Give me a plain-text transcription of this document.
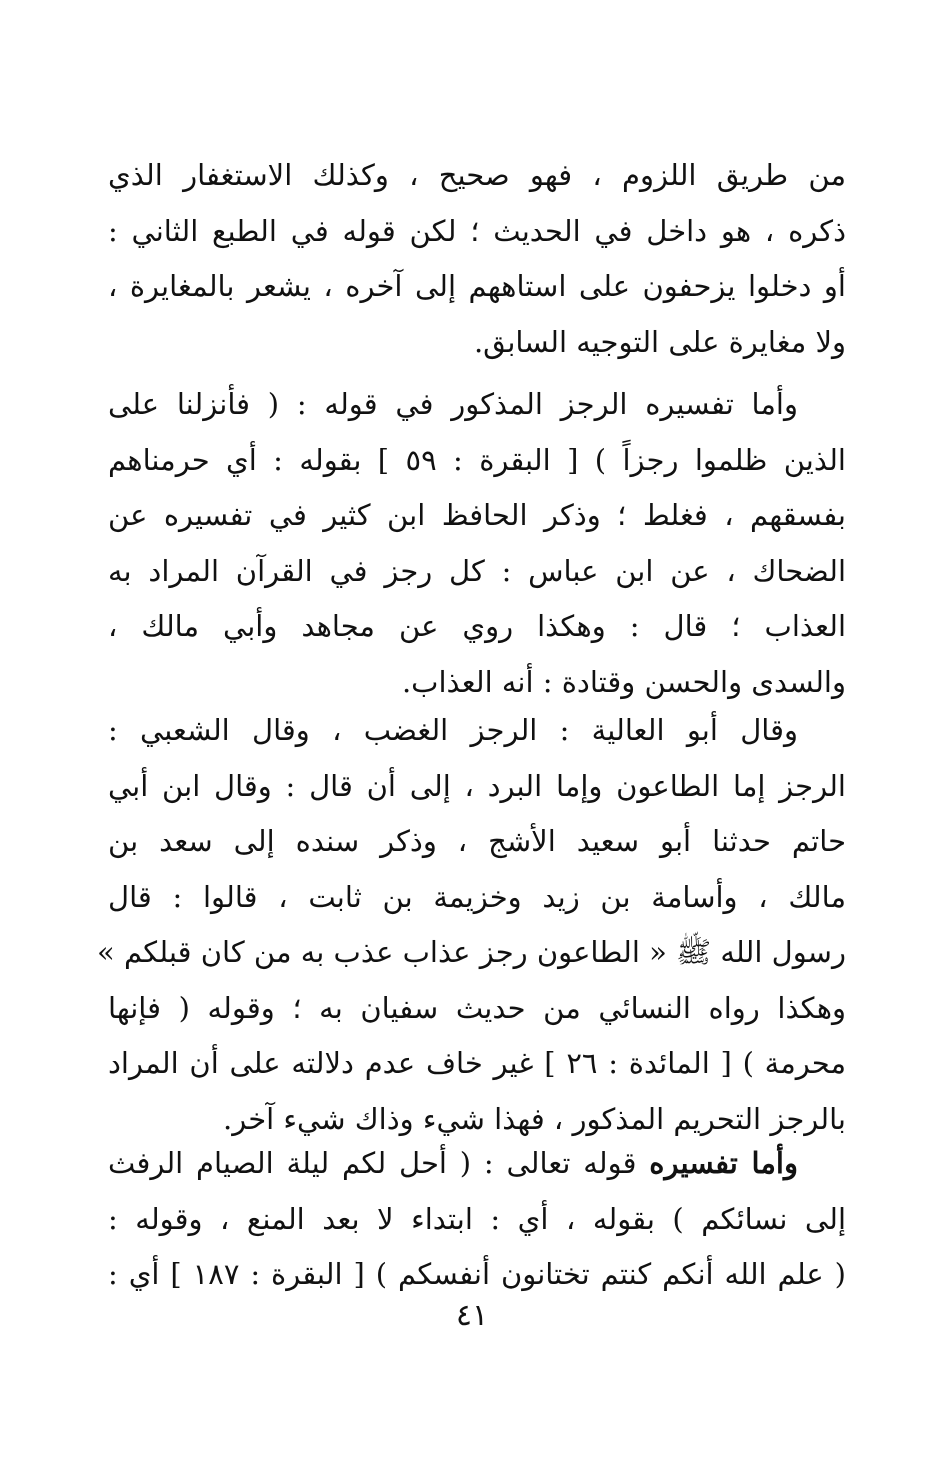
من طريق اللزوم ، فهو صحيح ، وكذلك الاستغفار الذي
ذكره ، هو داخل في الحديث ؛ لكن قوله في الطبع الثاني :
أو دخلوا يزحفون على استاههم إلى آخره ، يشعر بالمغايرة ،
ولا مغايرة على التوجيه السابق.
وأما تفسيره الرجز المذكور في قوله : ( فأنزلنا على
الذين ظلموا رجزاً ) [ البقرة : ٥٩ ] بقوله : أي حرمناهم
بفسقهم ، فغلط ؛ وذكر الحافظ ابن كثير في تفسيره عن
الضحاك ، عن ابن عباس : كل رجز في القرآن المراد به
العذاب ؛ قال : وهكذا روي عن مجاهد وأبي مالك ،
والسدى والحسن وقتادة : أنه العذاب.
وقال أبو العالية : الرجز الغضب ، وقال الشعبي :
الرجز إما الطاعون وإما البرد ، إلى أن قال : وقال ابن أبي
حاتم حدثنا أبو سعيد الأشج ، وذكر سنده إلى سعد بن
مالك ، وأسامة بن زيد وخزيمة بن ثابت ، قالوا : قال
رسول الله ﷺ « الطاعون رجز عذاب عذب به من كان قبلكم »
وهكذا رواه النسائي من حديث سفيان به ؛ وقوله ( فإنها
محرمة ) [ المائدة : ٢٦ ] غير خاف عدم دلالته على أن المراد
بالرجز التحريم المذكور ، فهذا شيء وذاك شيء آخر.
وأما تفسيره قوله تعالى : ( أحل لكم ليلة الصيام الرفث
إلى نسائكم ) بقوله ، أي : ابتداء لا بعد المنع ، وقوله :
( علم الله أنكم كنتم تختانون أنفسكم ) [ البقرة : ١٨٧ ] أي :
٤١
